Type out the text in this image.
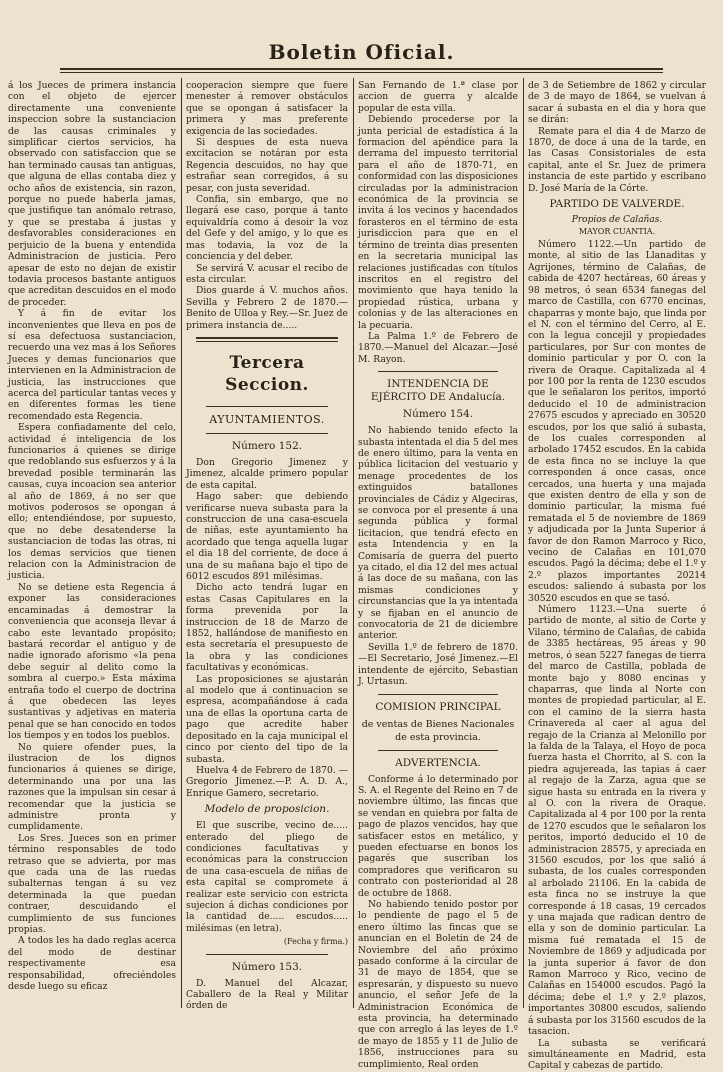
Boletin Oficial.

á los Jueces de primera instancia con el objeto de ejercer directamente una conveniente inspeccion sobre la sustanciacion de las causas criminales y simplificar ciertos servicios, ha observado con satisfaccion que se han terminado causas tan antiguas, que alguna de ellas contaba diez y ocho años de existencia, sin razon, porque no puede haberla jamas, que justifique tan anómalo retraso, y que se prestaba á justas y desfavorables consideraciones en perjuicio de la buena y entendida Administracion de justicia. Pero apesar de esto no dejan de existir todavia procesos bastante antiguos que acreditan descuidos en el modo de proceder.

Y á fin de evitar los inconvenientes que lleva en pos de sí esa defectuosa sustanciacion, recuerdo una vez mas á los Señores Jueces y demas funcionarios que intervienen en la Administracion de justicia, las instrucciones que acerca del particular tantas veces y en diferentes formas les tiene recomendado esta Regencia.

Espera confiadamente del celo, actividad é inteligencia de los funcionarios á quienes se dirige que redoblando sus esfuerzos y á la brevedad posible terminarán las causas, cuya incoacion sea anterior al año de 1869, á no ser que motivos poderosos se opongan á ello; entendiéndose, por supuesto, que no debe desatenderse la sustanciacion de todas las otras, ni los demas servicios que tienen relacion con la Administracion de justicia.

No se detiene esta Regencia á exponer las consideraciones encaminadas á demostrar la conveniencia que aconseja llevar á cabo este levantado propósito; bastará recordar el antiguo y de nadie ignorado aforismo «la pena debe seguir al delito como la sombra al cuerpo.» Esta máxima entraña todo el cuerpo de doctrina á que obedecen las leyes sustantivas y adjetivas en materia penal que se han conocido en todos los tiempos y en todos los pueblos.

No quiere ofender pues, la ilustracion de los dignos funcionarios á quienes se dirige, determinando una por una las razones que la impulsan sin cesar á recomendar que la justicia se administre pronta y cumplidamente.

Los Sres. Jueces son en primer término responsables de todo retraso que se advierta, por mas que cada una de las ruedas subalternas tengan á su vez determinada la que puedan contraer, descuidando el cumplimiento de sus funciones propias.

A todos les ha dado reglas acerca del modo de destinar respectivamente esa responsabilidad, ofreciéndoles desde luego su eficaz

cooperacion siempre que fuere menester á remover obstáculos que se opongan á satisfacer la primera y mas preferente exigencia de las sociedades.

Si despues de esta nueva excitacion se notáran por esta Regencia descuidos, no hay que estrañar sean corregidos, á su pesar, con justa severidad.

Confia, sin embargo, que no llegará ese caso, porque á tanto equivaldría como á desoir la voz del Gefe y del amigo, y lo que es mas todavia, la voz de la conciencia y del deber.

Se servirá V. acusar el recibo de esta circular.

Dios guarde á V. muchos años. Sevilla y Febrero 2 de 1870.— Benito de Ulloa y Rey.—Sr. Juez de primera instancia de.....

Tercera Seccion.
AYUNTAMIENTOS.
Número 152.

Don Gregorio Jimenez y Jimenez, alcalde primero popular de esta capital.

Hago saber: que debiendo verificarse nueva subasta para la construccion de una casa-escuela de niñas, este ayuntamiento ha acordado que tenga aquella lugar el dia 18 del corriente, de doce á una de su mañana bajo el tipo de 6012 escudos 891 milésimas.

Dicho acto tendrá lugar en estas Casas Capitulares en la forma prevenida por la instruccion de 18 de Marzo de 1852, hallándose de manifiesto en esta secretaría el presupuesto de la obra y las condiciones facultativas y económicas.

Las proposiciones se ajustarán al modelo que á continuacion se espresa, acompañándose á cada una de ellas la oportuna carta de pago que acredite haber depositado en la caja municipal el cinco por ciento del tipo de la subasta.

Huelva 4 de Febrero de 1870. —Gregorio Jimenez.—P. A. D. A., Enrique Gamero, secretario.

Modelo de proposicion.

El que suscribe, vecino de..... enterado del pliego de condiciones facultativas y económicas para la construccion de una casa-escuela de niñas de esta capital se compromete á realizar este servicio con estricta sujecion á dichas condiciones por la cantidad de..... escudos..... milésimas (en letra).

(Fecha y firma.)
Número 153.

D. Manuel del Alcazar, Caballero de la Real y Militar órden de

San Fernando de 1.ª clase por accion de guerra y alcalde popular de esta villa.

Debiendo procederse por la junta pericial de estadística á la formacion del apéndice para la derrama del impuesto territorial para el año de 1870-71, en conformidad con las disposiciones circuladas por la administracion económica de la provincia se invita á los vecinos y hacendados forasteros en el término de esta jurisdiccion para que en el término de treinta dias presenten en la secretaria municipal las relaciones justificadas con títulos inscritos en el registro del movimiento que haya tenido la propiedad rústica, urbana y colonias y de las alteraciones en la pecuaria.

La Palma 1.º de Febrero de 1870.—Manuel del Alcazar.—José M. Rayon.

INTENDENCIA DE EJÉRCITO DE Andalucía.
Número 154.

No habiendo tenido efecto la subasta intentada el dia 5 del mes de enero último, para la venta en pública licitacion del vestuario y menage procedentes de los extinguidos batallones provinciales de Cádiz y Algeciras, se convoca por el presente á una segunda pública y formal licitacion, que tendrá efecto en esta Intendencia y en la Comisaría de guerra del puerto ya citado, el dia 12 del mes actual á las doce de su mañana, con las mismas condiciones y circunstancias que la ya intentada y se fijaban en el anuncio de convocatoria de 21 de diciembre anterior.

Sevilla 1.º de febrero de 1870.—El Secretario, José Jimenez.—El intendente de ejército, Sebastian J. Urtasun.

COMISION PRINCIPAL
de ventas de Bienes Nacionales de esta provincia.
ADVERTENCIA.

Conforme á lo determinado por S. A. el Regente del Reino en 7 de noviembre último, las fincas que se vendan en quiebra por falta de pago de plazos vencidos, hay que satisfacer estos en metálico, y pueden efectuarse en bonos los pagarés que suscriban los compradores que verificaron su contrato con posterioridad al 28 de octubre de 1868.

No habiendo tenido postor por lo pendiente de pago el 5 de enero último las fincas que se anuncian en el Boletin de 24 de Noviembre del año próximo pasado conforme á la circular de 31 de mayo de 1854, que se espresarán, y dispuesto su nuevo anuncio, el señor Jefe de la Administracion Económica de esta provincia, ha determinado que con arreglo á las leyes de 1.º de mayo de 1855 y 11 de Julio de 1856, instrucciones para su cumplimiento, Real orden

de 3 de Setiembre de 1862 y circular de 3 de mayo de 1864, se vuelvan á sacar á subasta en el dia y hora que se dirán:

Remate para el dia 4 de Marzo de 1870, de doce á una de la tarde, en las Casas Consistoriales de esta capital, ante el Sr. Juez de primera instancia de este partido y escribano D. José María de la Córte.

PARTIDO DE VALVERDE.
Propios de Calañas.
MAYOR CUANTIA.

Número 1122.—Un partido de monte, al sitio de las Llanaditas y Agrijones, término de Calañas, de cabida de 4207 hectáreas, 60 áreas y 98 metros, ó sean 6534 fanegas del marco de Castilla, con 6770 encinas, chaparras y monte bajo, que linda por el N. con el término del Cerro, al E. con la legua concejil y propiedades particulares, por Sur con montes de dominio particular y por O. con la rivera de Oraque. Capitalizada al 4 por 100 por la renta de 1230 escudos que le señalaron los peritos, importó deducido el 10 de administracion 27675 escudos y apreciado en 30520 escudos, por los que salió á subasta, de los cuales corresponden al arbolado 17452 escudos. En la cabida de esta finca no se incluye la que corresponden á once casas, once cercados, una huerta y una majada que existen dentro de ella y son de dominio particular, la misma fué rematada el 5 de noviembre de 1869 y adjudicada por la Junta Superior á favor de don Ramon Marroco y Rico, vecino de Calañas en 101,070 escudos. Pagó la décima; debe el 1.º y 2.º plazos importantes 20214 escudos: saliendo á subasta por los 30520 escudos en que se tasó.

Número 1123.—Una suerte ó partido de monte, al sitio de Corte y Vilano, término de Calañas, de cabida de 3385 hectáreas, 95 áreas y 90 metros, ó sean 5227 fanegas de tierra del marco de Castilla, poblada de monte bajo y 8080 encinas y chaparras, que linda al Norte con montes de propiedad particular, al E. con el camino de la sierra hasta Crinavereda al caer al agua del regajo de la Crianza al Melonillo por la falda de la Talaya, el Hoyo de poca fuerza hasta el Chorrito, al S. con la piedra agujereada, las tapias á caer al regajo de la Zarza, agua que se sigue hasta su entrada en la rivera y al O. con la rivera de Oraque. Capitalizada al 4 por 100 por la renta de 1270 escudos que le señalaron los peritos, importó deducido el 10 de administracion 28575, y apreciada en 31560 escudos, por los que salió á subasta, de los cuales corresponden al arbolado 21106. En la cabida de esta finca no se instruye la que corresponde á 18 casas, 19 cercados y una majada que radican dentro de ella y son de dominio particular. La misma fué rematada el 15 de Noviembre de 1869 y adjudicada por la junta superior á favor de don Ramon Marroco y Rico, vecino de Calañas en 154000 escudos. Pagó la décima; debe el 1.º y 2.º plazos, importantes 30800 escudos, saliendo á subasta por los 31560 escudos de la tasacion.

La subasta se verificará simultáneamente en Madrid, esta Capital y cabezas de partido.
